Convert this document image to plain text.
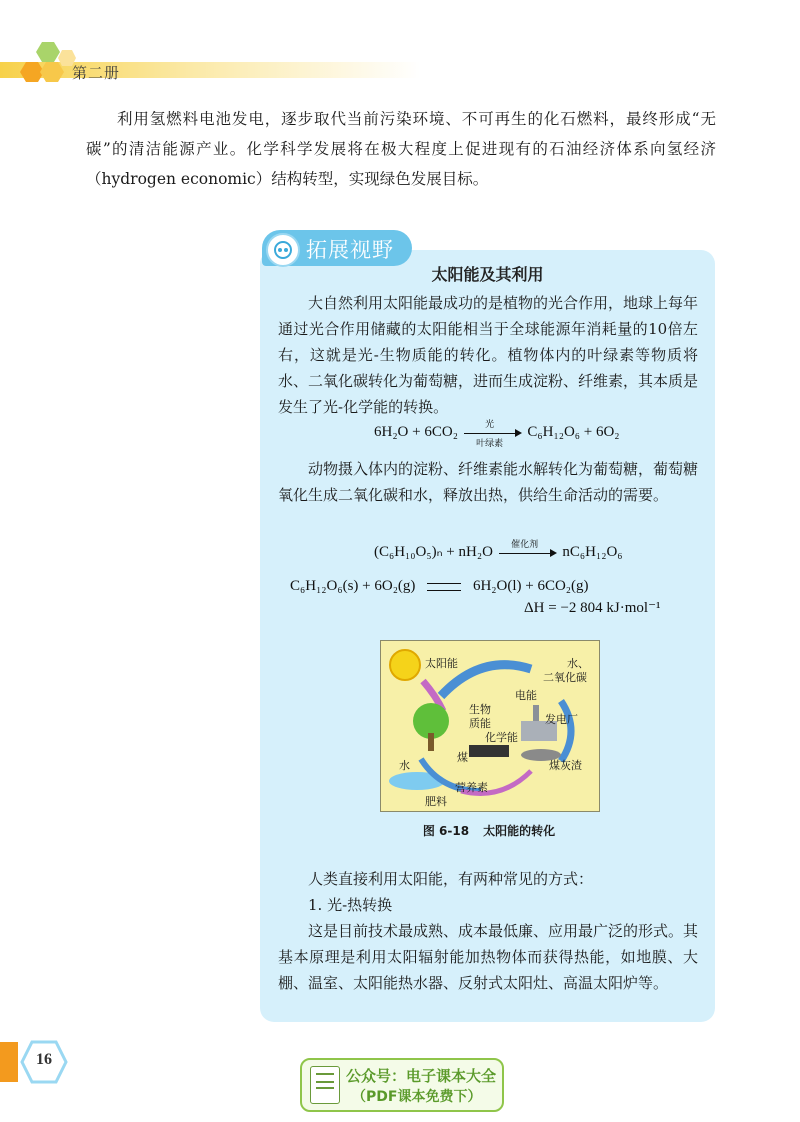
第二册

利用氢燃料电池发电，逐步取代当前污染环境、不可再生的化石燃料，最终形成“无碳”的清洁能源产业。化学科学发展将在极大程度上促进现有的石油经济体系向氢经济（hydrogen economic）结构转型，实现绿色发展目标。

拓展视野
太阳能及其利用

大自然利用太阳能最成功的是植物的光合作用，地球上每年通过光合作用储藏的太阳能相当于全球能源年消耗量的10倍左右，这就是光-生物质能的转化。植物体内的叶绿素等物质将水、二氧化碳转化为葡萄糖，进而生成淀粉、纤维素，其本质是发生了光-化学能的转换。

6H₂O + 6CO₂	光
叶绿素
C₆H₁₂O₆ + 6O₂

动物摄入体内的淀粉、纤维素能水解转化为葡萄糖，葡萄糖氧化生成二氧化碳和水，释放出热，供给生命活动的需要。

(C₆H₁₀O₅)ₙ + nH₂O	催化剂	nC₆H₁₂O₆
C₆H₁₂O₆(s) + 6O₂(g)	6H₂O(l) + 6CO₂(g)
ΔH = −2 804 kJ·mol⁻¹
太阳能	水、
二氧化碳
电能
生物
质能	发电厂
化学能
煤
水	煤灰渣
营养素
肥料
图 6-18 太阳能的转化

人类直接利用太阳能，有两种常见的方式：

1. 光-热转换

这是目前技术最成熟、成本最低廉、应用最广泛的形式。其基本原理是利用太阳辐射能加热物体而获得热能，如地膜、大棚、温室、太阳能热水器、反射式太阳灶、高温太阳炉等。

16
公众号：电子课本大全
（PDF课本免费下）
